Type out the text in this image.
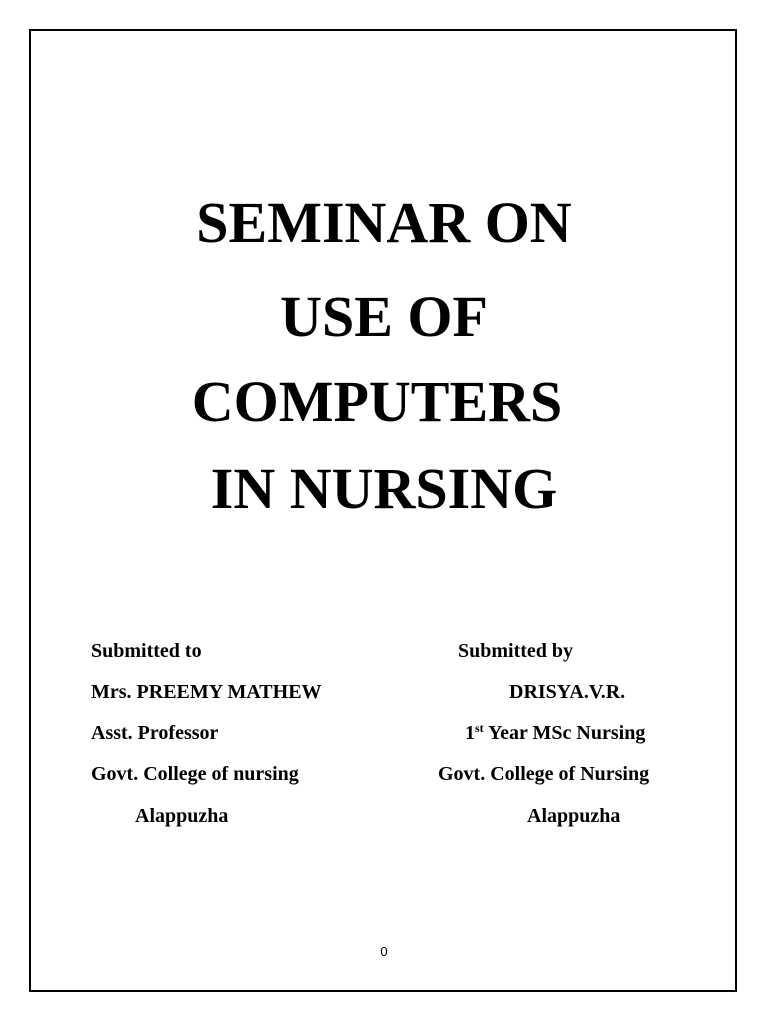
SEMINAR ON
USE OF
COMPUTERS
IN NURSING
Submitted to
Mrs. PREEMY MATHEW
Asst. Professor
Govt. College of nursing
Alappuzha
Submitted by
DRISYA.V.R.
1st Year MSc Nursing
Govt. College of Nursing
Alappuzha
0
